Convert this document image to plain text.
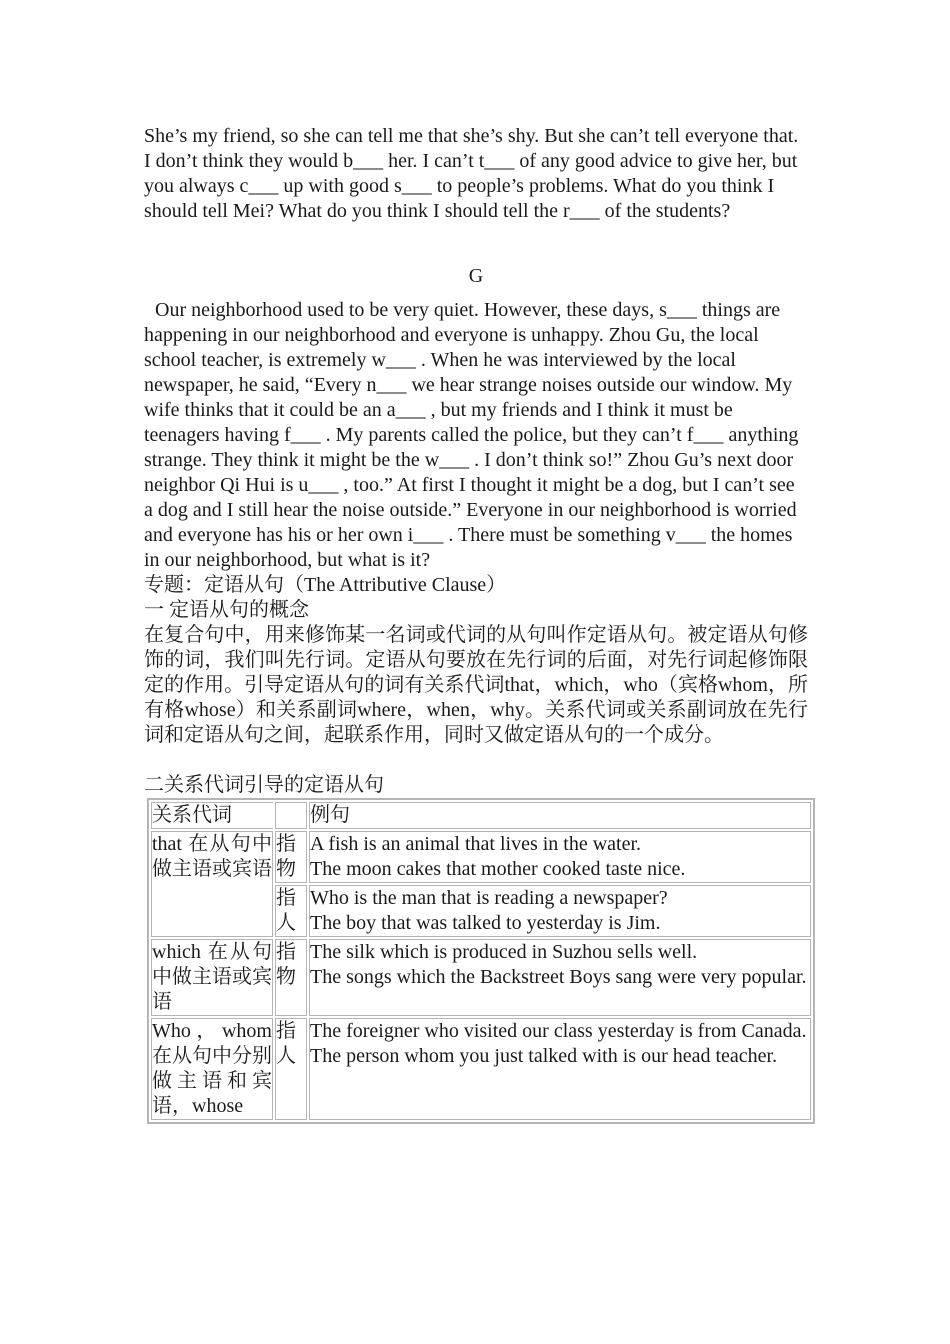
She’s my friend, so she can tell me that she’s shy. But she can’t tell everyone that. I don’t think they would b___ her. I can’t t___ of any good advice to give her, but you always c___ up with good s___ to people’s problems. What do you think I should tell Mei? What do you think I should tell the r___ of the students?

G

Our neighborhood used to be very quiet. However, these days, s___ things are happening in our neighborhood and everyone is unhappy. Zhou Gu, the local school teacher, is extremely w___ . When he was interviewed by the local newspaper, he said, “Every n___ we hear strange noises outside our window. My wife thinks that it could be an a___ , but my friends and I think it must be teenagers having f___ . My parents called the police, but they can’t f___ anything strange. They think it might be the w___ . I don’t think so!” Zhou Gu’s next door neighbor Qi Hui is u___ , too.” At first I thought it might be a dog, but I can’t see a dog and I still hear the noise outside.” Everyone in our neighborhood is worried and everyone has his or her own i___ . There must be something v___ the homes in our neighborhood, but what is it?

专题：定语从句（The Attributive Clause）

一 定语从句的概念

在复合句中，用来修饰某一名词或代词的从句叫作定语从句。被定语从句修饰的词，我们叫先行词。定语从句要放在先行词的后面，对先行词起修饰限定的作用。引导定语从句的词有关系代词that，which，who（宾格whom，所有格whose）和关系副词where，when，why。关系代词或关系副词放在先行词和定语从句之间，起联系作用，同时又做定语从句的一个成分。

二关系代词引导的定语从句

关系代词		例句
that 在从句中做主语或宾语	指物	A fish is an animal that lives in the water.
The moon cakes that mother cooked taste nice.

	指人	Who is the man that is reading a newspaper?
The boy that was talked to yesterday is Jim.

which 在从句中做主语或宾语	指物	The silk which is produced in Suzhou sells well.
The songs which the Backstreet Boys sang were very popular.

Who，whom在从句中分别做主语和宾语，whose	指人	The foreigner who visited our class yesterday is from Canada.
The person whom you just talked with is our head teacher.
